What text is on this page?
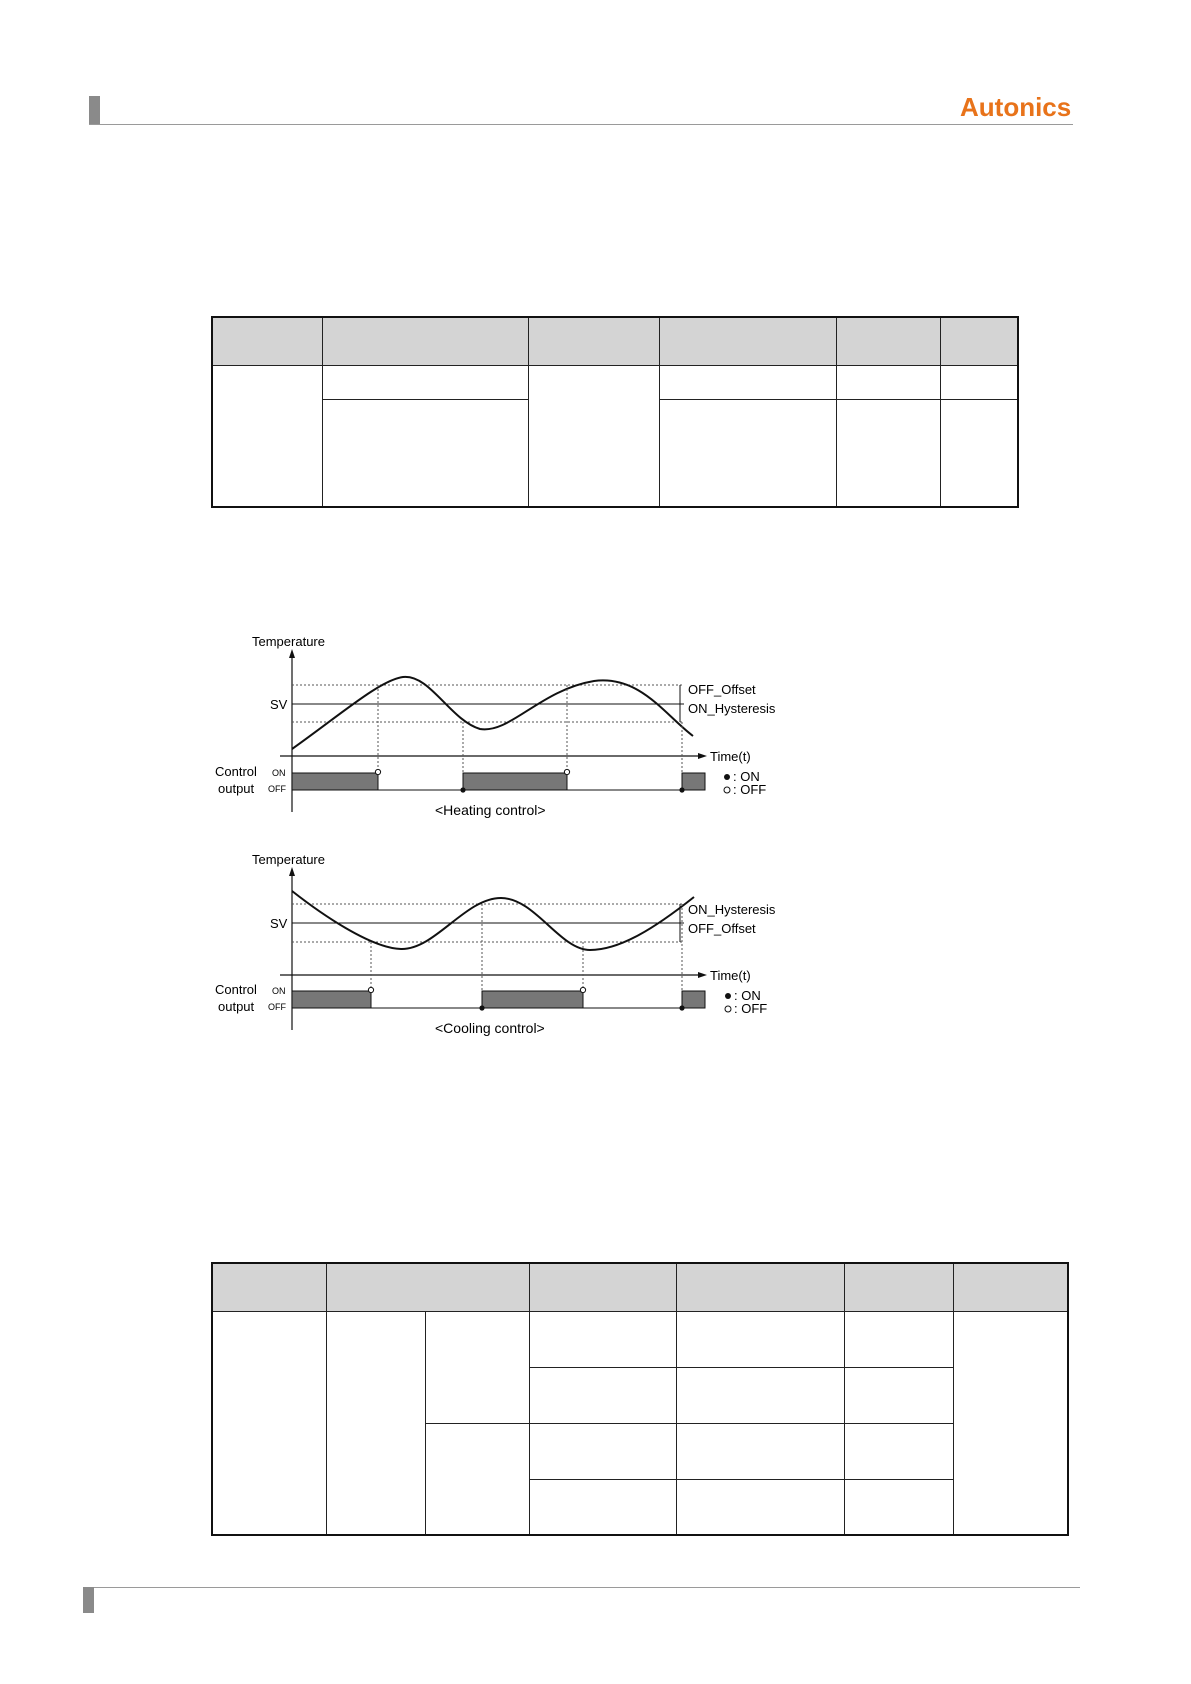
Autonics

Temperature
SV
OFF_Offset
ON_Hysteresis
Time(t)
Control
output
ON
OFF
: ON
: OFF
<Heating control>
Temperature
SV
ON_Hysteresis
OFF_Offset
Time(t)
Control
output
ON
OFF
: ON
: OFF
<Cooling control>
